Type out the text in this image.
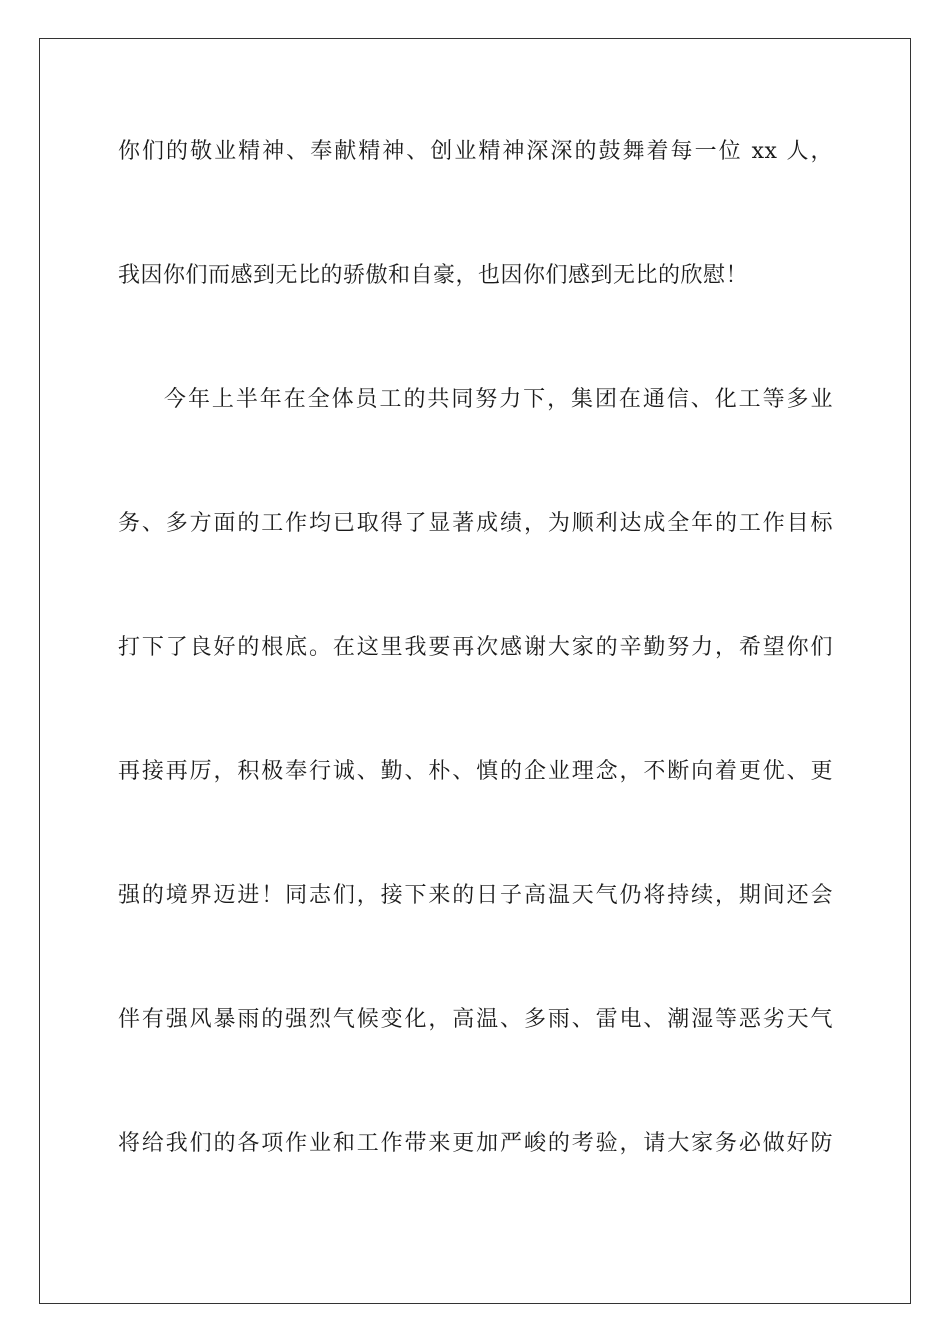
你们的敬业精神、奉献精神、创业精神深深的鼓舞着每一位 xx 人，
我因你们而感到无比的骄傲和自豪，也因你们感到无比的欣慰！
今年上半年在全体员工的共同努力下，集团在通信、化工等多业
务、多方面的工作均已取得了显著成绩，为顺利达成全年的工作目标
打下了良好的根底。在这里我要再次感谢大家的辛勤努力，希望你们
再接再厉，积极奉行诚、勤、朴、慎的企业理念，不断向着更优、更
强的境界迈进！同志们，接下来的日子高温天气仍将持续，期间还会
伴有强风暴雨的强烈气候变化，高温、多雨、雷电、潮湿等恶劣天气
将给我们的各项作业和工作带来更加严峻的考验，请大家务必做好防
